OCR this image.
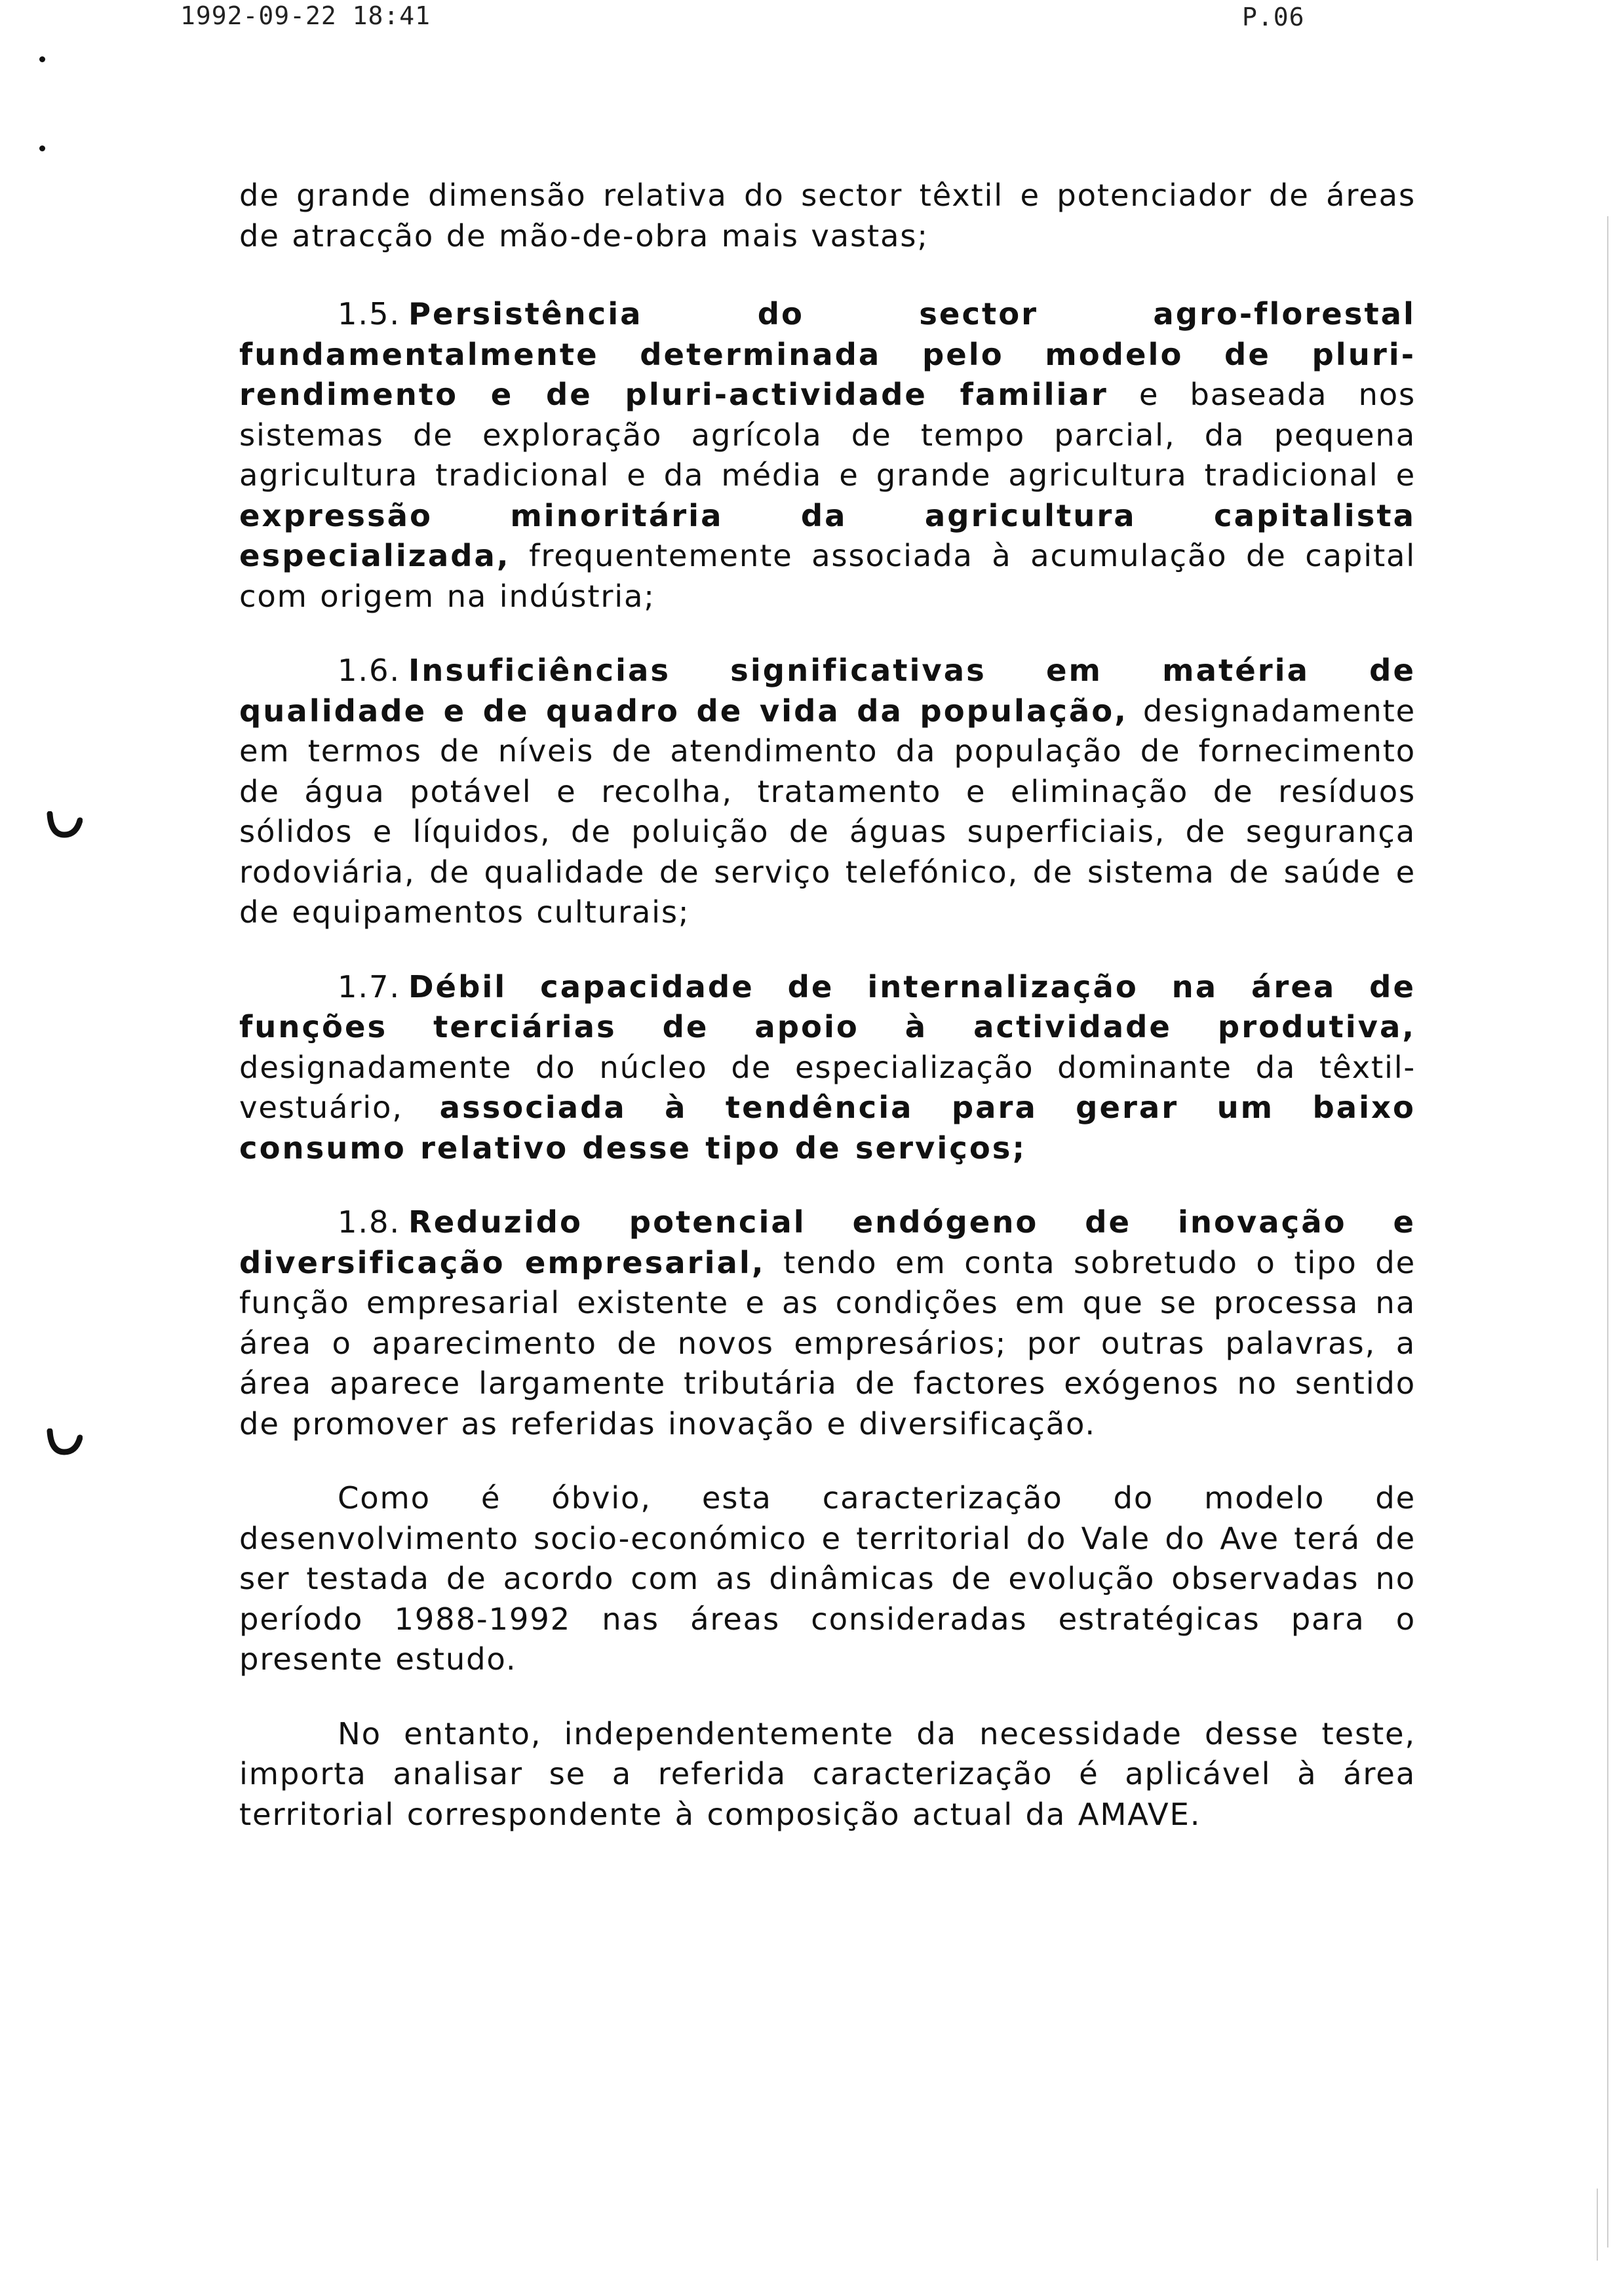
1992-09-22 18:41	P.06

de grande dimensão relativa do sector têxtil e potenciador de áreas de atracção de mão-de-obra mais vastas;

1.5. Persistência do sector agro-florestal fundamentalmente determinada pelo modelo de pluri-rendimento e de pluri-actividade familiar e baseada nos sistemas de exploração agrícola de tempo parcial, da pequena agricultura tradicional e da média e grande agricultura tradicional e expressão minoritária da agricultura capitalista especializada, frequentemente associada à acumulação de capital com origem na indústria;

1.6. Insuficiências significativas em matéria de qualidade e de quadro de vida da população, designadamente em termos de níveis de atendimento da população de fornecimento de água potável e recolha, tratamento e eliminação de resíduos sólidos e líquidos, de poluição de águas superficiais, de segurança rodoviária, de qualidade de serviço telefónico, de sistema de saúde e de equipamentos culturais;

1.7. Débil capacidade de internalização na área de funções terciárias de apoio à actividade produtiva, designadamente do núcleo de especialização dominante da têxtil-vestuário, associada à tendência para gerar um baixo consumo relativo desse tipo de serviços;

1.8. Reduzido potencial endógeno de inovação e diversificação empresarial, tendo em conta sobretudo o tipo de função empresarial existente e as condições em que se processa na área o aparecimento de novos empresários; por outras palavras, a área aparece largamente tributária de factores exógenos no sentido de promover as referidas inovação e diversificação.

Como é óbvio, esta caracterização do modelo de desenvolvimento socio-económico e territorial do Vale do Ave terá de ser testada de acordo com as dinâmicas de evolução observadas no período 1988-1992 nas áreas consideradas estratégicas para o presente estudo.

No entanto, independentemente da necessidade desse teste, importa analisar se a referida caracterização é aplicável à área territorial correspondente à composição actual da AMAVE.
